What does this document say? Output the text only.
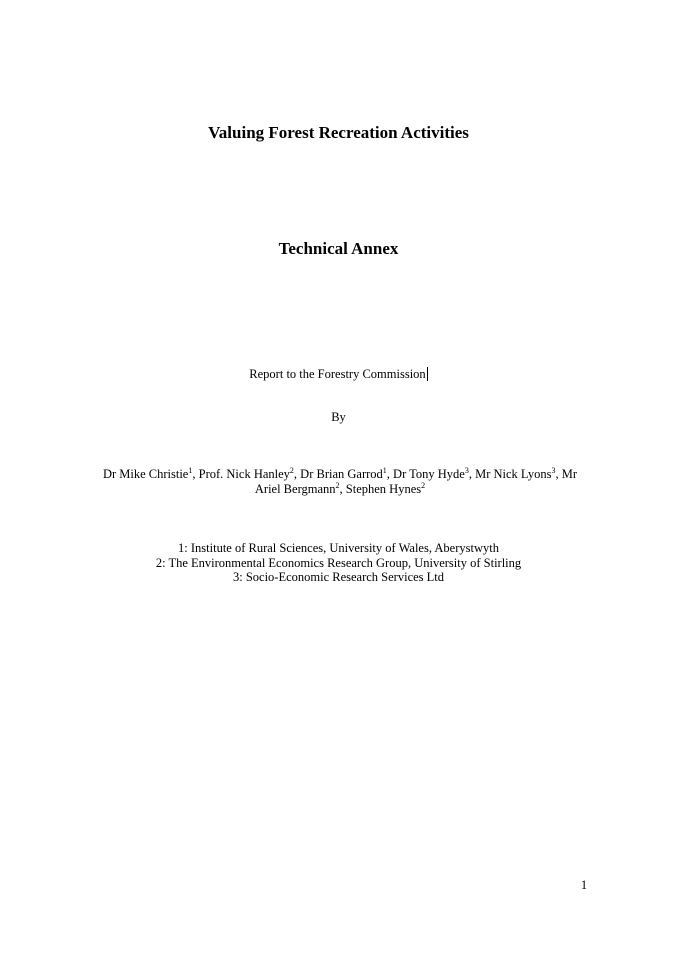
Valuing Forest Recreation Activities
Technical Annex
Report to the Forestry Commission
By
Dr Mike Christie$^1$, Prof. Nick Hanley$^2$, Dr Brian Garrod$^1$, Dr Tony Hyde$^3$, Mr Nick Lyons$^3$, Mr Ariel Bergmann$^2$, Stephen Hynes$^2$
1: Institute of Rural Sciences, University of Wales, Aberystwyth
2: The Environmental Economics Research Group, University of Stirling
3: Socio-Economic Research Services Ltd
1
